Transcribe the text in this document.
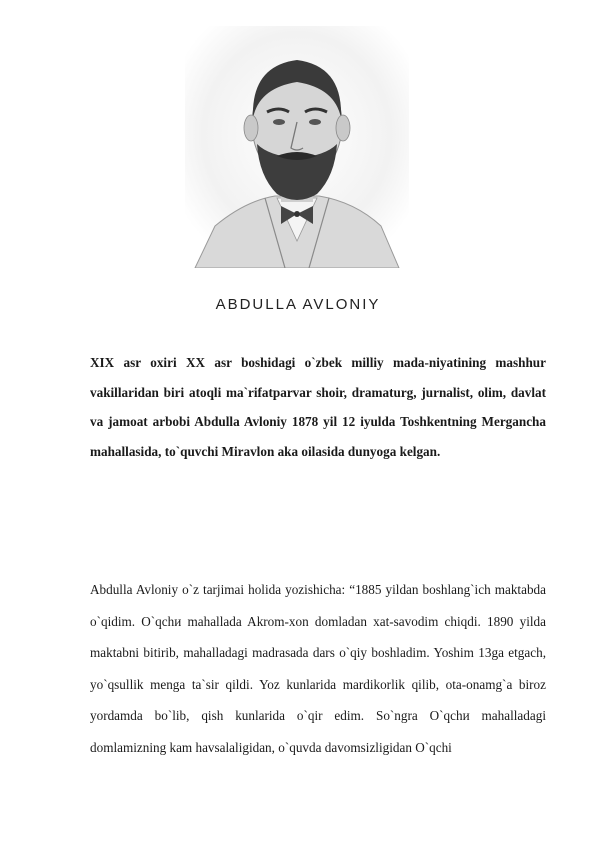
ABDULLA AVLONIY

XIX asr oxiri XX asr boshidagi o`zbek milliy mada-niyatining mashhur vakillaridan biri atoqli ma`rifatparvar shoir, dramaturg, jurnalist, olim, davlat va jamoat arbobi Abdulla Avloniy 1878 yil 12 iyulda Toshkentning Mergancha mahallasida, to`quvchi Miravlon aka oilasida dunyoga kelgan.

Abdulla Avloniy o`z tarjimai holida yozishicha: “1885 yildan boshlang`ich maktabda o`qidim. O`qchи mahallada Akrom-xon domladan xat-savodim chiqdi. 1890 yilda maktabni bitirib, mahalladagi madrasada dars o`qiy boshladim. Yoshim 13ga etgach, yo`qsullik menga ta`sir qildi. Yoz kunlarida mardikorlik qilib, ota-onamg`a biroz yordamda bo`lib, qish kunlarida o`qir edim. So`ngra O`qchи mahalladagi domlamizning kam havsalaligidan, o`quvda davomsizligidan O`qchi
